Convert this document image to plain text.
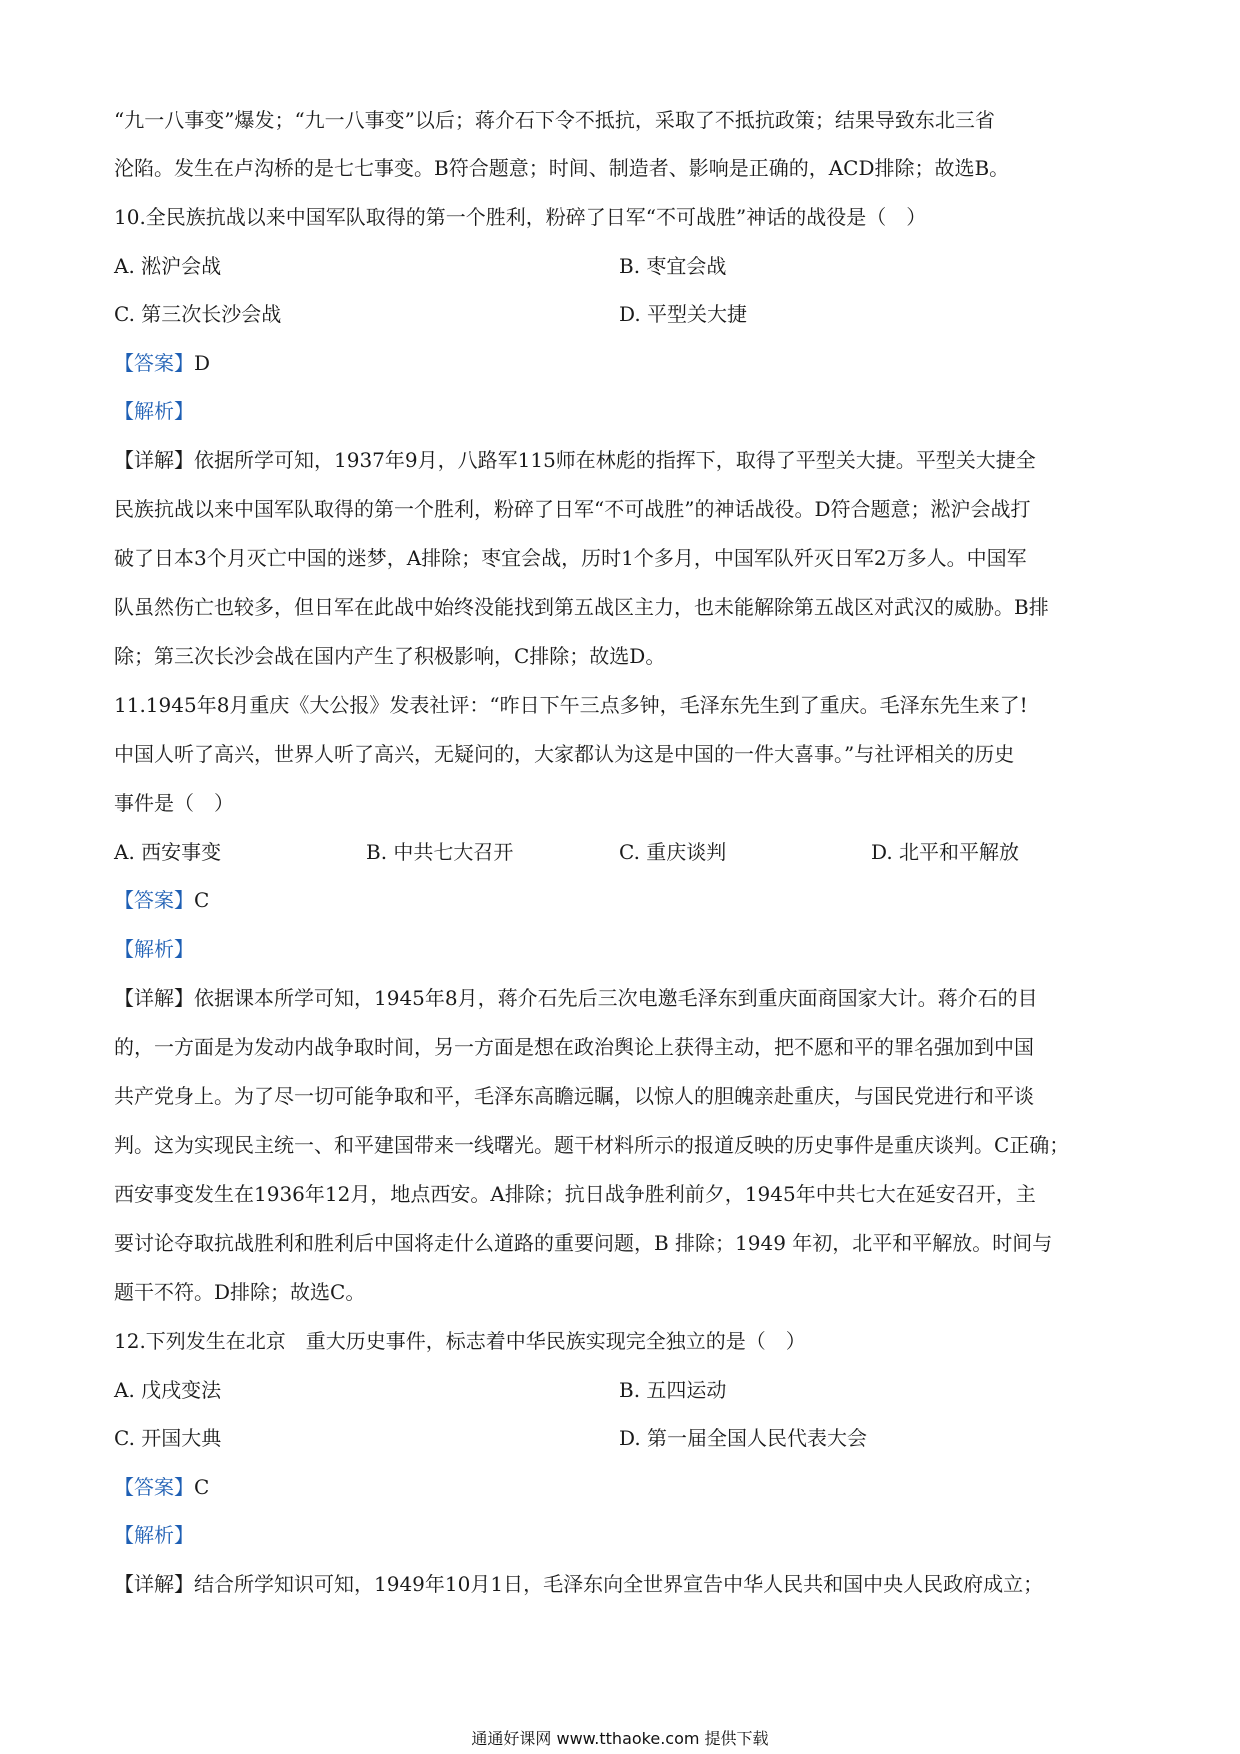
“九一八事变”爆发；“九一八事变”以后；蒋介石下令不抵抗，采取了不抵抗政策；结果导致东北三省
沦陷。发生在卢沟桥的是七七事变。B符合题意；时间、制造者、影响是正确的，ACD排除；故选B。
10.全民族抗战以来中国军队取得的第一个胜利，粉碎了日军“不可战胜”神话的战役是（　）
A. 淞沪会战	B. 枣宜会战
C. 第三次长沙会战	D. 平型关大捷
【答案】D
【解析】
【详解】依据所学可知，1937年9月，八路军115师在林彪的指挥下，取得了平型关大捷。平型关大捷全
民族抗战以来中国军队取得的第一个胜利，粉碎了日军“不可战胜”的神话战役。D符合题意；淞沪会战打
破了日本3个月灭亡中国的迷梦，A排除；枣宜会战，历时1个多月，中国军队歼灭日军2万多人。中国军
队虽然伤亡也较多，但日军在此战中始终没能找到第五战区主力，也未能解除第五战区对武汉的威胁。B排
除；第三次长沙会战在国内产生了积极影响，C排除；故选D。
11.1945年8月重庆《大公报》发表社评：“昨日下午三点多钟，毛泽东先生到了重庆。毛泽东先生来了!
中国人听了高兴，世界人听了高兴，无疑问的，大家都认为这是中国的一件大喜事。”与社评相关的历史
事件是（　）
A. 西安事变	B. 中共七大召开	C. 重庆谈判	D. 北平和平解放
【答案】C
【解析】
【详解】依据课本所学可知，1945年8月，蒋介石先后三次电邀毛泽东到重庆面商国家大计。蒋介石的目
的，一方面是为发动内战争取时间，另一方面是想在政治舆论上获得主动，把不愿和平的罪名强加到中国
共产党身上。为了尽一切可能争取和平，毛泽东高瞻远瞩，以惊人的胆魄亲赴重庆，与国民党进行和平谈
判。这为实现民主统一、和平建国带来一线曙光。题干材料所示的报道反映的历史事件是重庆谈判。C正确；
西安事变发生在1936年12月，地点西安。A排除；抗日战争胜利前夕，1945年中共七大在延安召开，主
要讨论夺取抗战胜利和胜利后中国将走什么道路的重要问题，B 排除；1949 年初，北平和平解放。时间与
题干不符。D排除；故选C。
12.下列发生在北京　重大历史事件，标志着中华民族实现完全独立的是（　）
A. 戊戌变法	B. 五四运动
C. 开国大典	D. 第一届全国人民代表大会
【答案】C
【解析】
【详解】结合所学知识可知，1949年10月1日，毛泽东向全世界宣告中华人民共和国中央人民政府成立；
通通好课网 www.tthaoke.com 提供下载
